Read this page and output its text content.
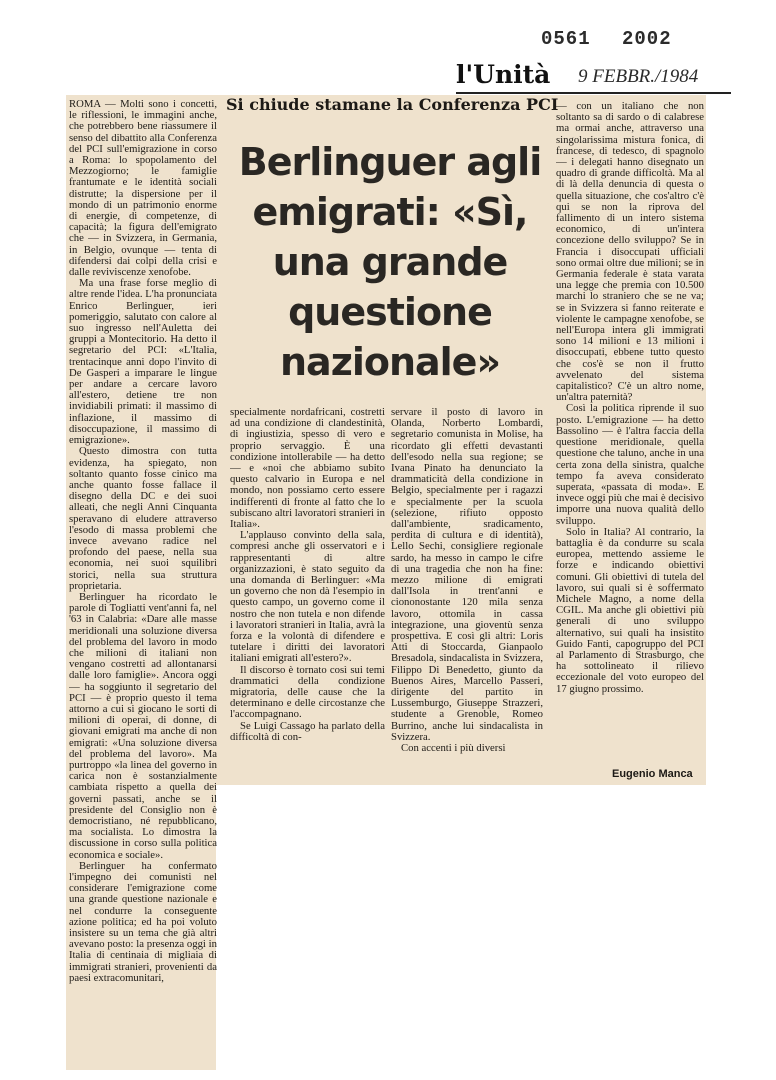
0561 2002
l'Unità 9 FEBBR./1984
Si chiude stamane la Conferenza PCI
Berlinguer agli emigrati: «Sì, una grande questione nazionale»

ROMA — Molti sono i concetti, le riflessioni, le immagini anche, che potrebbero bene riassumere il senso del dibattito alla Conferenza del PCI sull'emigrazione in corso a Roma: lo spopolamento del Mezzogiorno; le famiglie frantumate e le identità sociali distrutte; la dispersione per il mondo di un patrimonio enorme di energie, di competenze, di capacità; la figura dell'emigrato che — in Svizzera, in Germania, in Belgio, ovunque — tenta di difendersi dai colpi della crisi e dalle reviviscenze xenofobe.

Ma una frase forse meglio di altre rende l'idea. L'ha pronunciata Enrico Berlinguer, ieri pomeriggio, salutato con calore al suo ingresso nell'Auletta dei gruppi a Montecitorio. Ha detto il segretario del PCI: «L'Italia, trentacinque anni dopo l'invito di De Gasperi a imparare le lingue per andare a cercare lavoro all'estero, detiene tre non invidiabili primati: il massimo di inflazione, il massimo di disoccupazione, il massimo di emigrazione».

Questo dimostra con tutta evidenza, ha spiegato, non soltanto quanto fosse cinico ma anche quanto fosse fallace il disegno della DC e dei suoi alleati, che negli Anni Cinquanta speravano di eludere attraverso l'esodo di massa problemi che invece avevano radice nel profondo del paese, nella sua economia, nei suoi squilibri storici, nella sua struttura proprietaria.

Berlinguer ha ricordato le parole di Togliatti vent'anni fa, nel '63 in Calabria: «Dare alle masse meridionali una soluzione diversa del problema del lavoro in modo che milioni di italiani non vengano costretti ad allontanarsi dalle loro famiglie». Ancora oggi — ha soggiunto il segretario del PCI — è proprio questo il tema attorno a cui si giocano le sorti di milioni di operai, di donne, di giovani emigrati ma anche di non emigrati: «Una soluzione diversa del problema del lavoro». Ma purtroppo «la linea del governo in carica non è sostanzialmente cambiata rispetto a quella dei governi passati, anche se il presidente del Consiglio non è democristiano, né repubblicano, ma socialista. Lo dimostra la discussione in corso sulla politica economica e sociale».

Berlinguer ha confermato l'impegno dei comunisti nel considerare l'emigrazione come una grande questione nazionale e nel condurre la conseguente azione politica; ed ha poi voluto insistere su un tema che già altri avevano posto: la presenza oggi in Italia di centinaia di migliaia di immigrati stranieri, provenienti da paesi extracomunitari,

specialmente nordafricani, costretti ad una condizione di clandestinità, di ingiustizia, spesso di vero e proprio servaggio. È una condizione intollerabile — ha detto — e «noi che abbiamo subito questo calvario in Europa e nel mondo, non possiamo certo essere indifferenti di fronte al fatto che lo subiscano altri lavoratori stranieri in Italia».

L'applauso convinto della sala, compresi anche gli osservatori e i rappresentanti di altre organizzazioni, è stato seguito da una domanda di Berlinguer: «Ma un governo che non dà l'esempio in questo campo, un governo come il nostro che non tutela e non difende i lavoratori stranieri in Italia, avrà la forza e la volontà di difendere e tutelare i diritti dei lavoratori italiani emigrati all'estero?».

Il discorso è tornato così sui temi drammatici della condizione migratoria, delle cause che la determinano e delle circostanze che l'accompagnano.

Se Luigi Cassago ha parlato della difficoltà di con-

servare il posto di lavoro in Olanda, Norberto Lombardi, segretario comunista in Molise, ha ricordato gli effetti devastanti dell'esodo nella sua regione; se Ivana Pinato ha denunciato la drammaticità della condizione in Belgio, specialmente per i ragazzi e specialmente per la scuola (selezione, rifiuto opposto dall'ambiente, sradicamento, perdita di cultura e di identità), Lello Sechi, consigliere regionale sardo, ha messo in campo le cifre di una tragedia che non ha fine: mezzo milione di emigrati dall'Isola in trent'anni e ciononostante 120 mila senza lavoro, ottomila in cassa integrazione, una gioventù senza prospettiva. E così gli altri: Loris Atti di Stoccarda, Gianpaolo Bresadola, sindacalista in Svizzera, Filippo Di Benedetto, giunto da Buenos Aires, Marcello Passeri, dirigente del partito in Lussemburgo, Giuseppe Strazzeri, studente a Grenoble, Romeo Burrino, anche lui sindacalista in Svizzera.

Con accenti i più diversi

— con un italiano che non soltanto sa di sardo o di calabrese ma ormai anche, attraverso una singolarissima mistura fonica, di francese, di tedesco, di spagnolo — i delegati hanno disegnato un quadro di grande difficoltà. Ma al di là della denuncia di questa o quella situazione, che cos'altro c'è qui se non la riprova del fallimento di un intero sistema economico, di un'intera concezione dello sviluppo? Se in Francia i disoccupati ufficiali sono ormai oltre due milioni; se in Germania federale è stata varata una legge che premia con 10.500 marchi lo straniero che se ne va; se in Svizzera si fanno reiterate e violente le campagne xenofobe, se nell'Europa intera gli immigrati sono 14 milioni e 13 milioni i disoccupati, ebbene tutto questo che cos'è se non il frutto avvelenato del sistema capitalistico? C'è un altro nome, un'altra paternità?

Così la politica riprende il suo posto. L'emigrazione — ha detto Bassolino — è l'altra faccia della questione meridionale, quella questione che taluno, anche in una certa zona della sinistra, qualche tempo fa aveva considerato superata, «passata di moda». E invece oggi più che mai è decisivo imporre una nuova qualità dello sviluppo.

Solo in Italia? Al contrario, la battaglia è da condurre su scala europea, mettendo assieme le forze e indicando obiettivi comuni. Gli obiettivi di tutela del lavoro, sui quali si è soffermato Michele Magno, a nome della CGIL. Ma anche gli obiettivi più generali di uno sviluppo alternativo, sui quali ha insistito Guido Fanti, capogruppo del PCI al Parlamento di Strasburgo, che ha sottolineato il rilievo eccezionale del voto europeo del 17 giugno prossimo.

Eugenio Manca
